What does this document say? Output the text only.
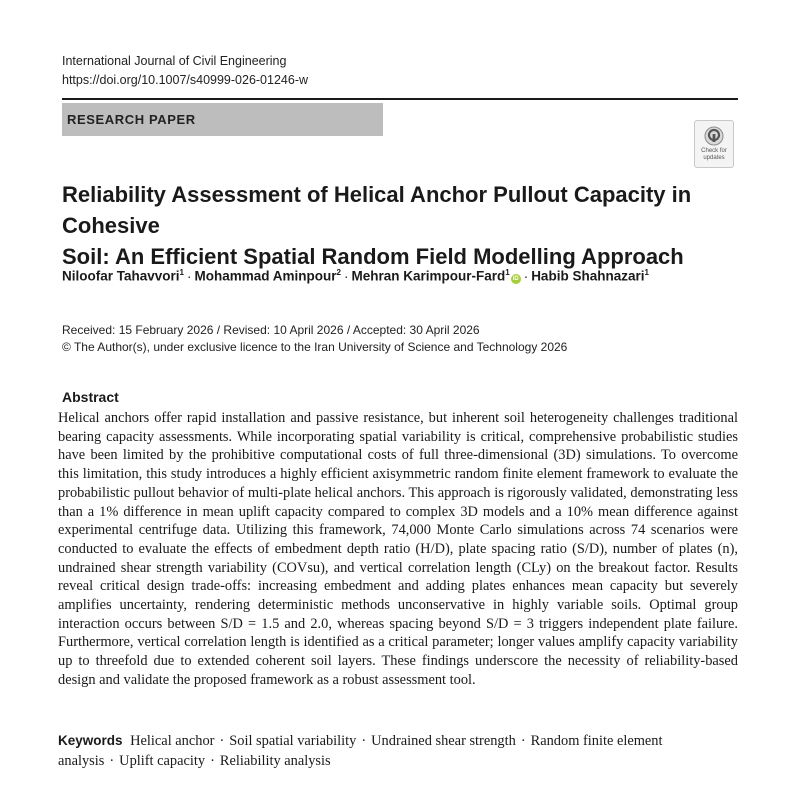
International Journal of Civil Engineering
https://doi.org/10.1007/s40999-026-01246-w
RESEARCH PAPER
Check for
updates
Reliability Assessment of Helical Anchor Pullout Capacity in Cohesive
Soil: An Efficient Spatial Random Field Modelling Approach
Niloofar Tahavvori$^1$ · Mohammad Aminpour$^2$ · Mehran Karimpour-Fard$^1$iD · Habib Shahnazari$^1$
Received: 15 February 2026 / Revised: 10 April 2026 / Accepted: 30 April 2026
© The Author(s), under exclusive licence to the Iran University of Science and Technology 2026
Abstract

Helical anchors offer rapid installation and passive resistance, but inherent soil heterogeneity challenges traditional bearing capacity assessments. While incorporating spatial variability is critical, comprehensive probabilistic studies have been limited by the prohibitive computational costs of full three-dimensional (3D) simulations. To overcome this limitation, this study introduces a highly efficient axisymmetric random finite element framework to evaluate the probabilistic pullout behavior of multi-plate helical anchors. This approach is rigorously validated, demonstrating less than a 1% difference in mean uplift capacity compared to complex 3D models and a 10% mean difference against experimental centrifuge data. Utilizing this framework, 74,000 Monte Carlo simulations across 74 scenarios were conducted to evaluate the effects of embedment depth ratio (H/D), plate spacing ratio (S/D), number of plates (n), undrained shear strength variability (COVsu), and vertical correlation length (CLy) on the breakout factor. Results reveal critical design trade-offs: increasing embedment and adding plates enhances mean capacity but severely amplifies uncertainty, rendering deterministic methods unconservative in highly variable soils. Optimal group interaction occurs between S/D = 1.5 and 2.0, whereas spacing beyond S/D = 3 triggers independent plate failure. Furthermore, vertical correlation length is identified as a critical parameter; longer values amplify capacity variability up to threefold due to extended coherent soil layers. These findings underscore the necessity of reliability-based design and validate the proposed framework as a robust assessment tool.

Keywords Helical anchor · Soil spatial variability · Undrained shear strength · Random finite element analysis · Uplift capacity · Reliability analysis
